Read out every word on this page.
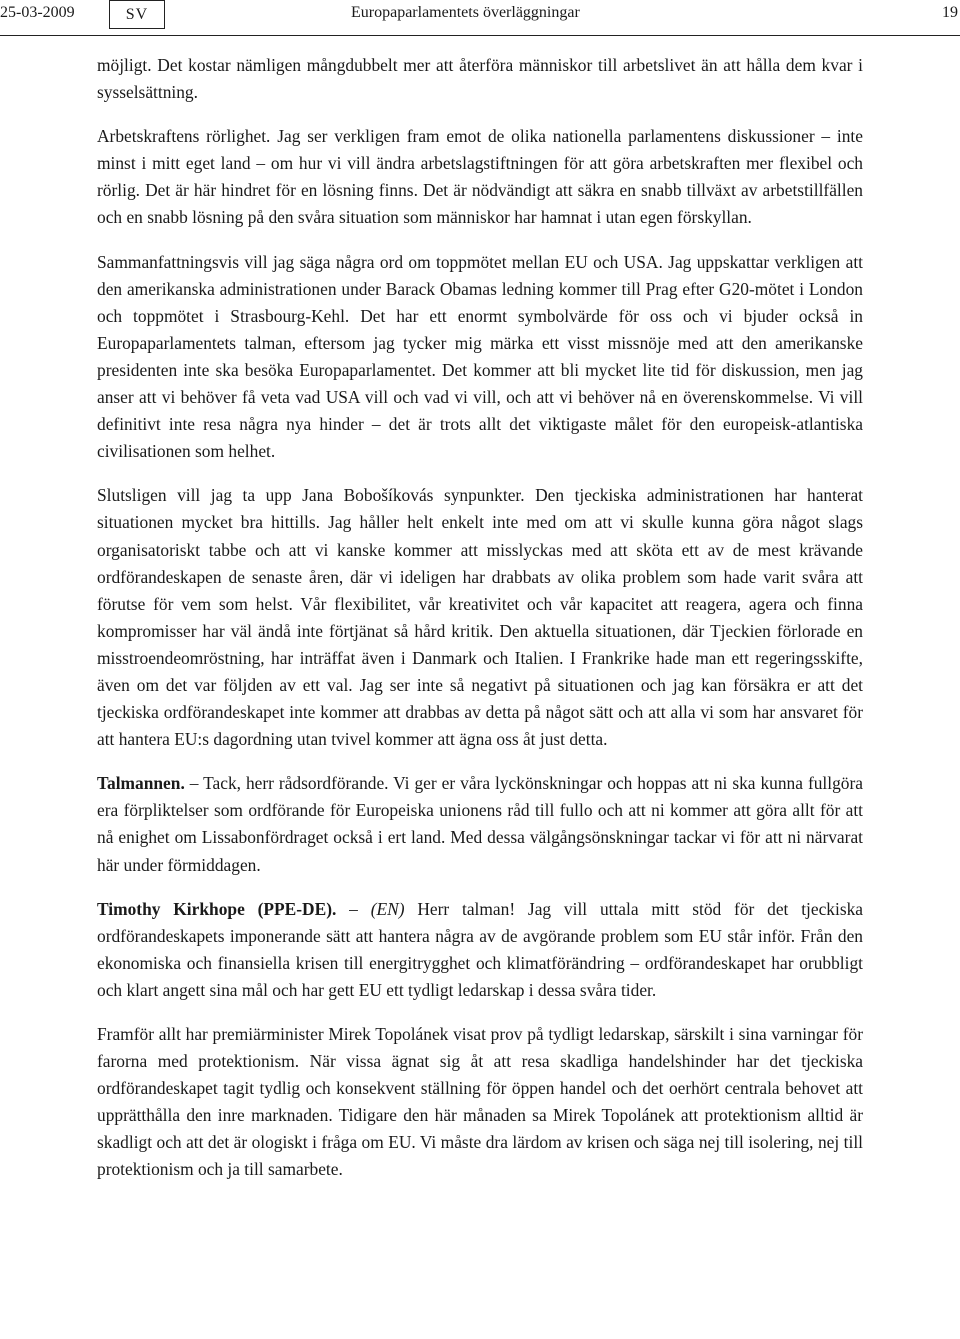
25-03-2009	SV	Europaparlamentets överläggningar	19

möjligt. Det kostar nämligen mångdubbelt mer att återföra människor till arbetslivet än att hålla dem kvar i sysselsättning.

Arbetskraftens rörlighet. Jag ser verkligen fram emot de olika nationella parlamentens diskussioner – inte minst i mitt eget land – om hur vi vill ändra arbetslagstiftningen för att göra arbetskraften mer flexibel och rörlig. Det är här hindret för en lösning finns. Det är nödvändigt att säkra en snabb tillväxt av arbetstillfällen och en snabb lösning på den svåra situation som människor har hamnat i utan egen förskyllan.

Sammanfattningsvis vill jag säga några ord om toppmötet mellan EU och USA. Jag uppskattar verkligen att den amerikanska administrationen under Barack Obamas ledning kommer till Prag efter G20-mötet i London och toppmötet i Strasbourg-Kehl. Det har ett enormt symbolvärde för oss och vi bjuder också in Europaparlamentets talman, eftersom jag tycker mig märka ett visst missnöje med att den amerikanske presidenten inte ska besöka Europaparlamentet. Det kommer att bli mycket lite tid för diskussion, men jag anser att vi behöver få veta vad USA vill och vad vi vill, och att vi behöver nå en överenskommelse. Vi vill definitivt inte resa några nya hinder – det är trots allt det viktigaste målet för den europeisk-atlantiska civilisationen som helhet.

Slutsligen vill jag ta upp Jana Bobošíkovás synpunkter. Den tjeckiska administrationen har hanterat situationen mycket bra hittills. Jag håller helt enkelt inte med om att vi skulle kunna göra något slags organisatoriskt tabbe och att vi kanske kommer att misslyckas med att sköta ett av de mest krävande ordförandeskapen de senaste åren, där vi ideligen har drabbats av olika problem som hade varit svåra att förutse för vem som helst. Vår flexibilitet, vår kreativitet och vår kapacitet att reagera, agera och finna kompromisser har väl ändå inte förtjänat så hård kritik. Den aktuella situationen, där Tjeckien förlorade en misstroendeomröstning, har inträffat även i Danmark och Italien. I Frankrike hade man ett regeringsskifte, även om det var följden av ett val. Jag ser inte så negativt på situationen och jag kan försäkra er att det tjeckiska ordförandeskapet inte kommer att drabbas av detta på något sätt och att alla vi som har ansvaret för att hantera EU:s dagordning utan tvivel kommer att ägna oss åt just detta.

Talmannen. – Tack, herr rådsordförande. Vi ger er våra lyckönskningar och hoppas att ni ska kunna fullgöra era förpliktelser som ordförande för Europeiska unionens råd till fullo och att ni kommer att göra allt för att nå enighet om Lissabonfördraget också i ert land. Med dessa välgångsönskningar tackar vi för att ni närvarat här under förmiddagen.

Timothy Kirkhope (PPE-DE). – (EN) Herr talman! Jag vill uttala mitt stöd för det tjeckiska ordförandeskapets imponerande sätt att hantera några av de avgörande problem som EU står inför. Från den ekonomiska och finansiella krisen till energitrygghet och klimatförändring – ordförandeskapet har orubbligt och klart angett sina mål och har gett EU ett tydligt ledarskap i dessa svåra tider.

Framför allt har premiärminister Mirek Topolánek visat prov på tydligt ledarskap, särskilt i sina varningar för farorna med protektionism. När vissa ägnat sig åt att resa skadliga handelshinder har det tjeckiska ordförandeskapet tagit tydlig och konsekvent ställning för öppen handel och det oerhört centrala behovet att upprätthålla den inre marknaden. Tidigare den här månaden sa Mirek Topolánek att protektionism alltid är skadligt och att det är ologiskt i fråga om EU. Vi måste dra lärdom av krisen och säga nej till isolering, nej till protektionism och ja till samarbete.
